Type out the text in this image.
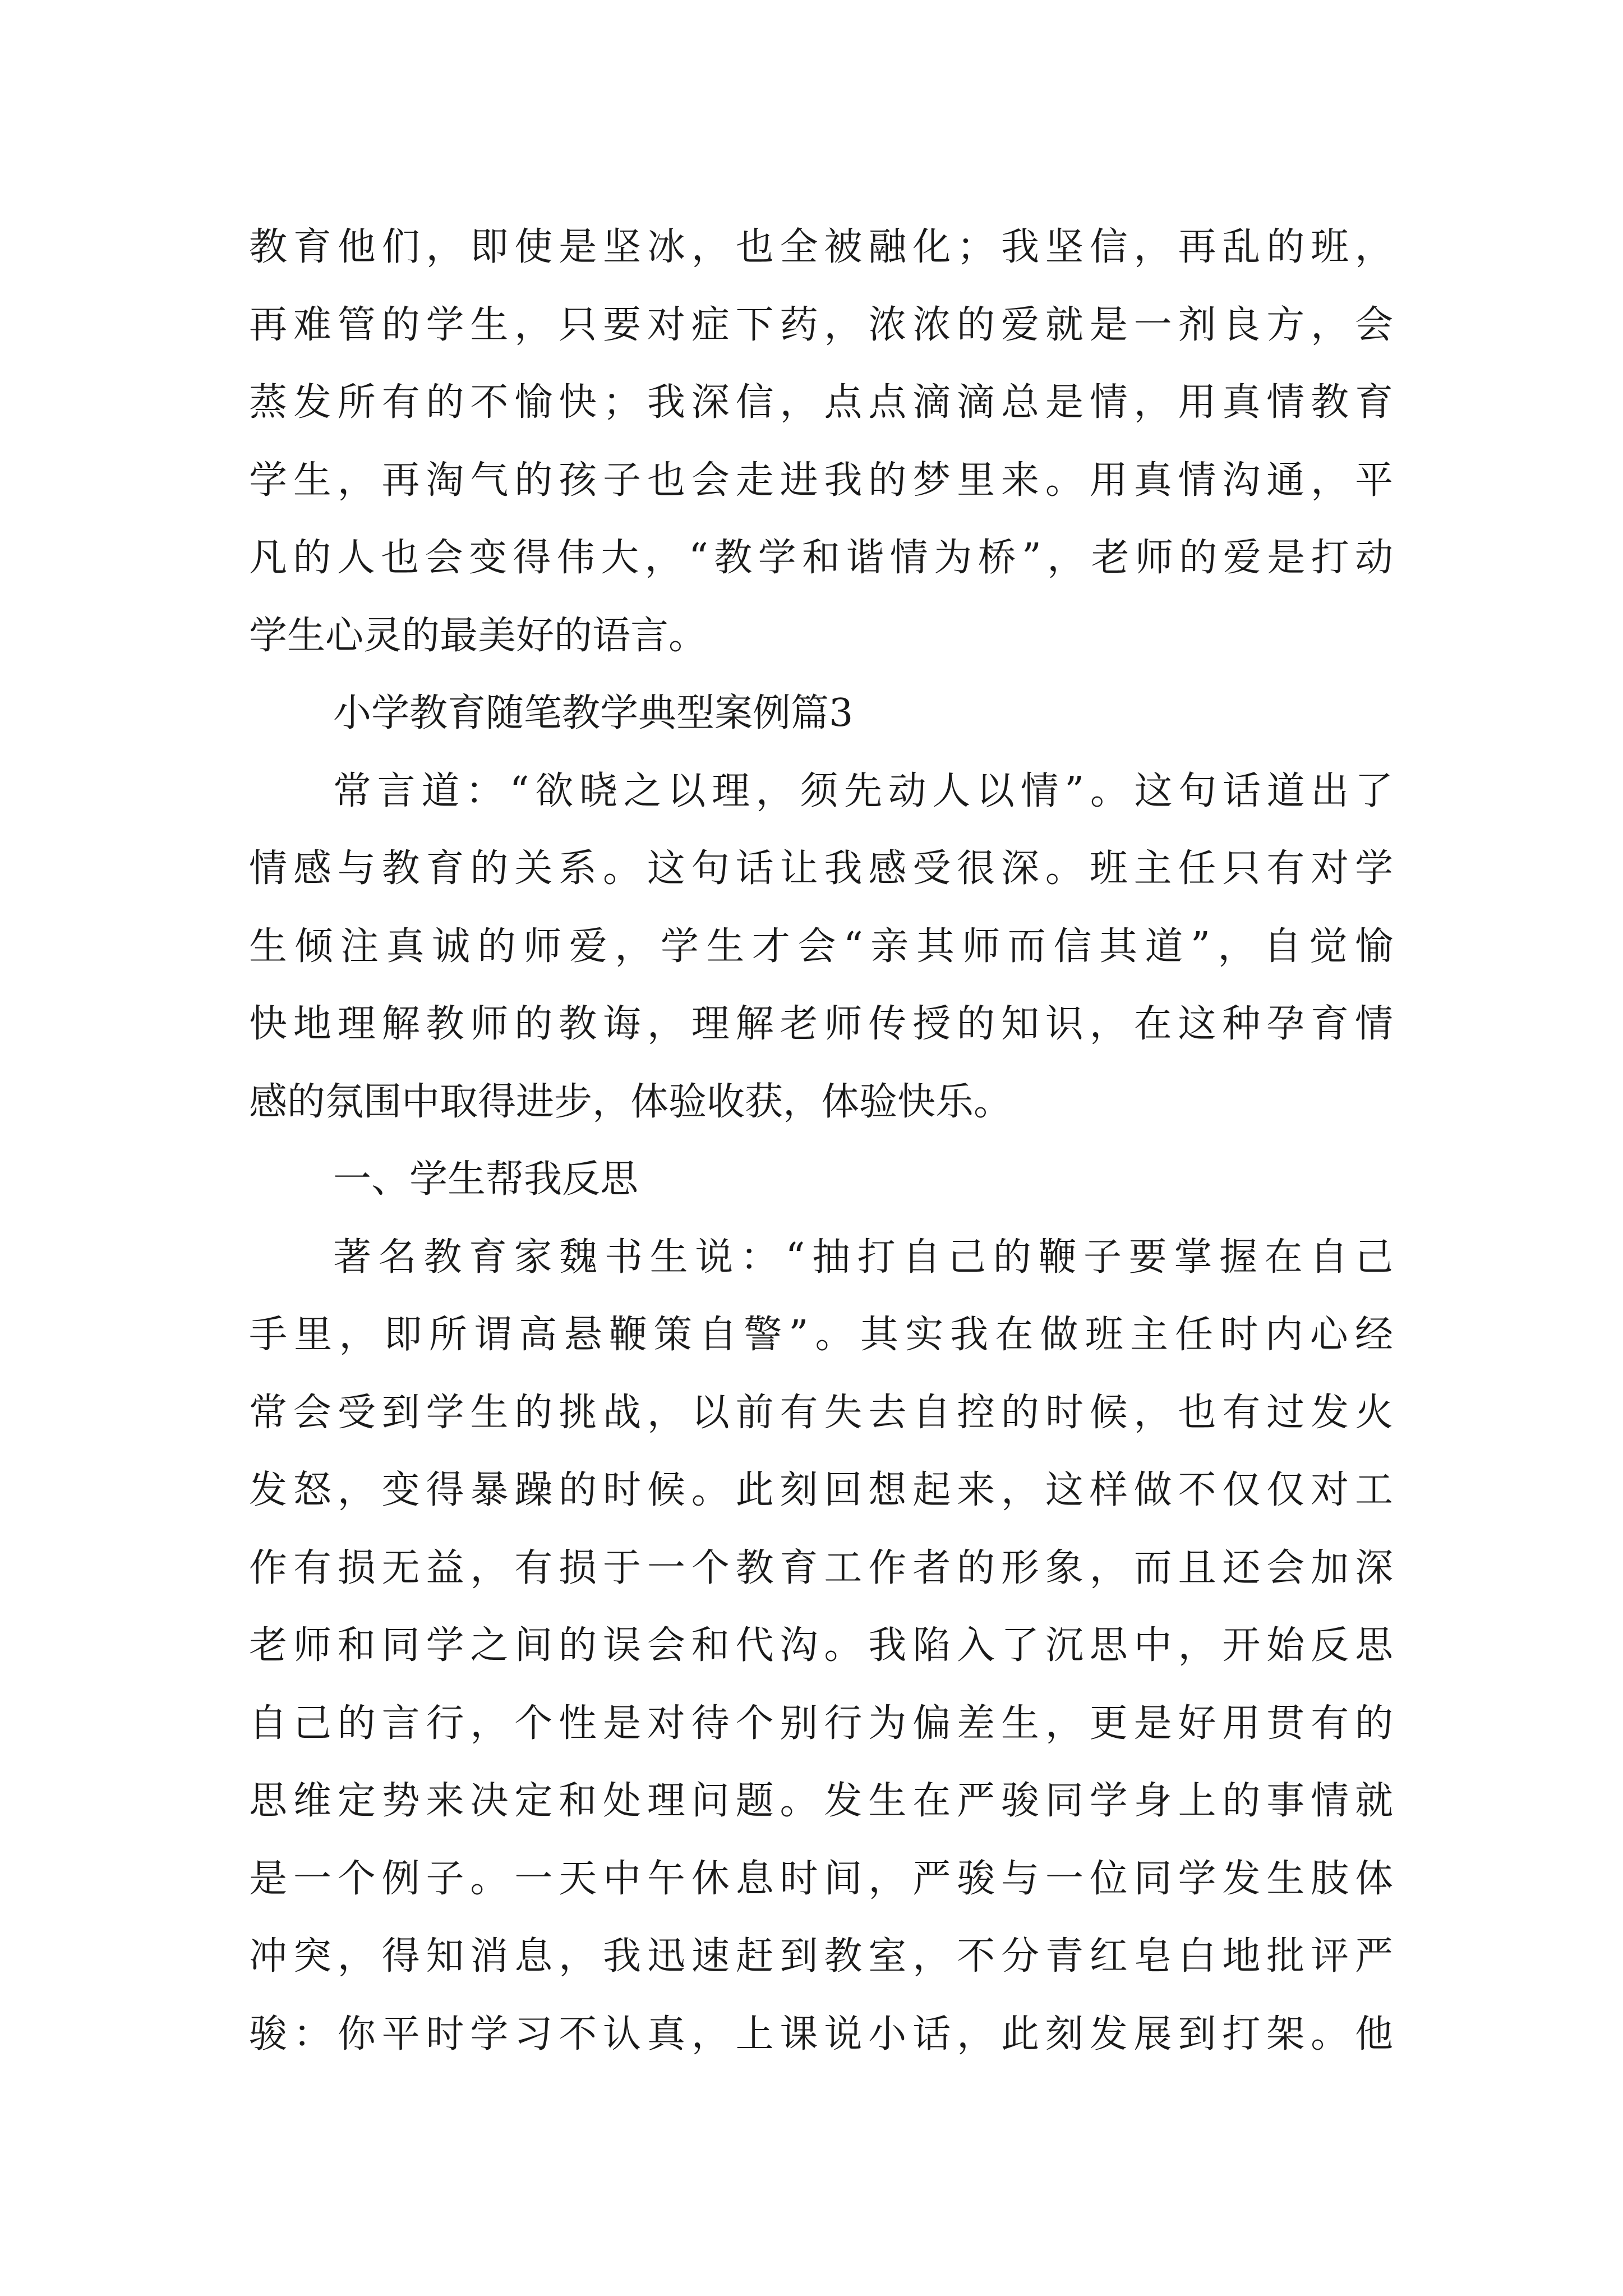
教育他们，即使是坚冰，也全被融化；我坚信，再乱的班，
再难管的学生，只要对症下药，浓浓的爱就是一剂良方，会
蒸发所有的不愉快；我深信，点点滴滴总是情，用真情教育
学生，再淘气的孩子也会走进我的梦里来。用真情沟通，平
凡的人也会变得伟大，“教学和谐情为桥”，老师的爱是打动
学生心灵的最美好的语言。
小学教育随笔教学典型案例篇3
常言道：“欲晓之以理，须先动人以情”。这句话道出了
情感与教育的关系。这句话让我感受很深。班主任只有对学
生倾注真诚的师爱，学生才会“亲其师而信其道”，自觉愉
快地理解教师的教诲，理解老师传授的知识，在这种孕育情
感的氛围中取得进步，体验收获，体验快乐。
一、学生帮我反思
著名教育家魏书生说：“抽打自己的鞭子要掌握在自己
手里，即所谓高悬鞭策自警”。其实我在做班主任时内心经
常会受到学生的挑战，以前有失去自控的时候，也有过发火
发怒，变得暴躁的时候。此刻回想起来，这样做不仅仅对工
作有损无益，有损于一个教育工作者的形象，而且还会加深
老师和同学之间的误会和代沟。我陷入了沉思中，开始反思
自己的言行，个性是对待个别行为偏差生，更是好用贯有的
思维定势来决定和处理问题。发生在严骏同学身上的事情就
是一个例子。一天中午休息时间，严骏与一位同学发生肢体
冲突，得知消息，我迅速赶到教室，不分青红皂白地批评严
骏：你平时学习不认真，上课说小话，此刻发展到打架。他
